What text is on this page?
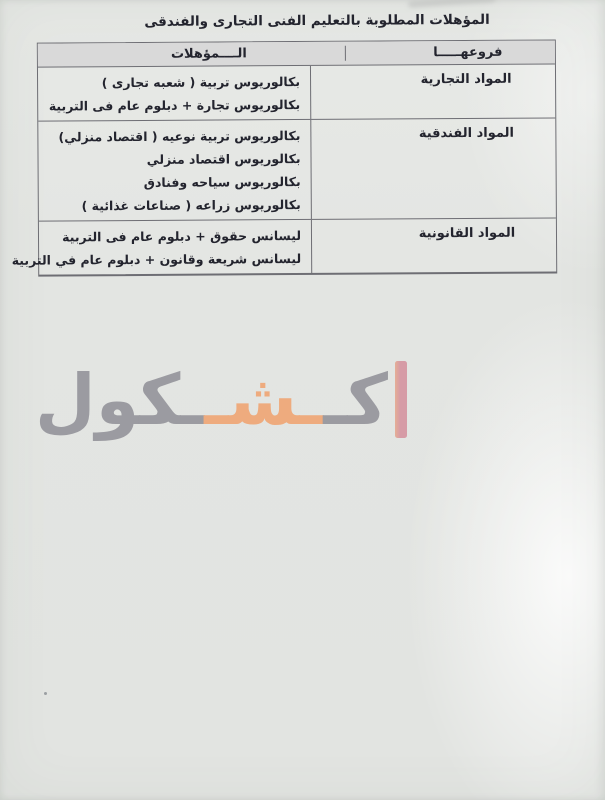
المؤهلات المطلوبة بالتعليم الفنى التجارى والفندقى
فروعهـــــا
الــــمؤهلات
المواد التجارية
بكالوريوس تربية ( شعبه تجارى )
بكالوريوس تجارة + دبلوم عام فى التربية
المواد الفندقية
بكالوريوس تربية نوعيه ( اقتصاد منزلي)
بكالوريوس اقتصاد منزلي
بكالوريوس سياحه وفنادق
بكالوريوس زراعه ( صناعات غذائية )
المواد القانونية
ليسانس حقوق + دبلوم عام فى التربية
ليسانس شريعة وقانون + دبلوم عام في التربية
كــشــكول
